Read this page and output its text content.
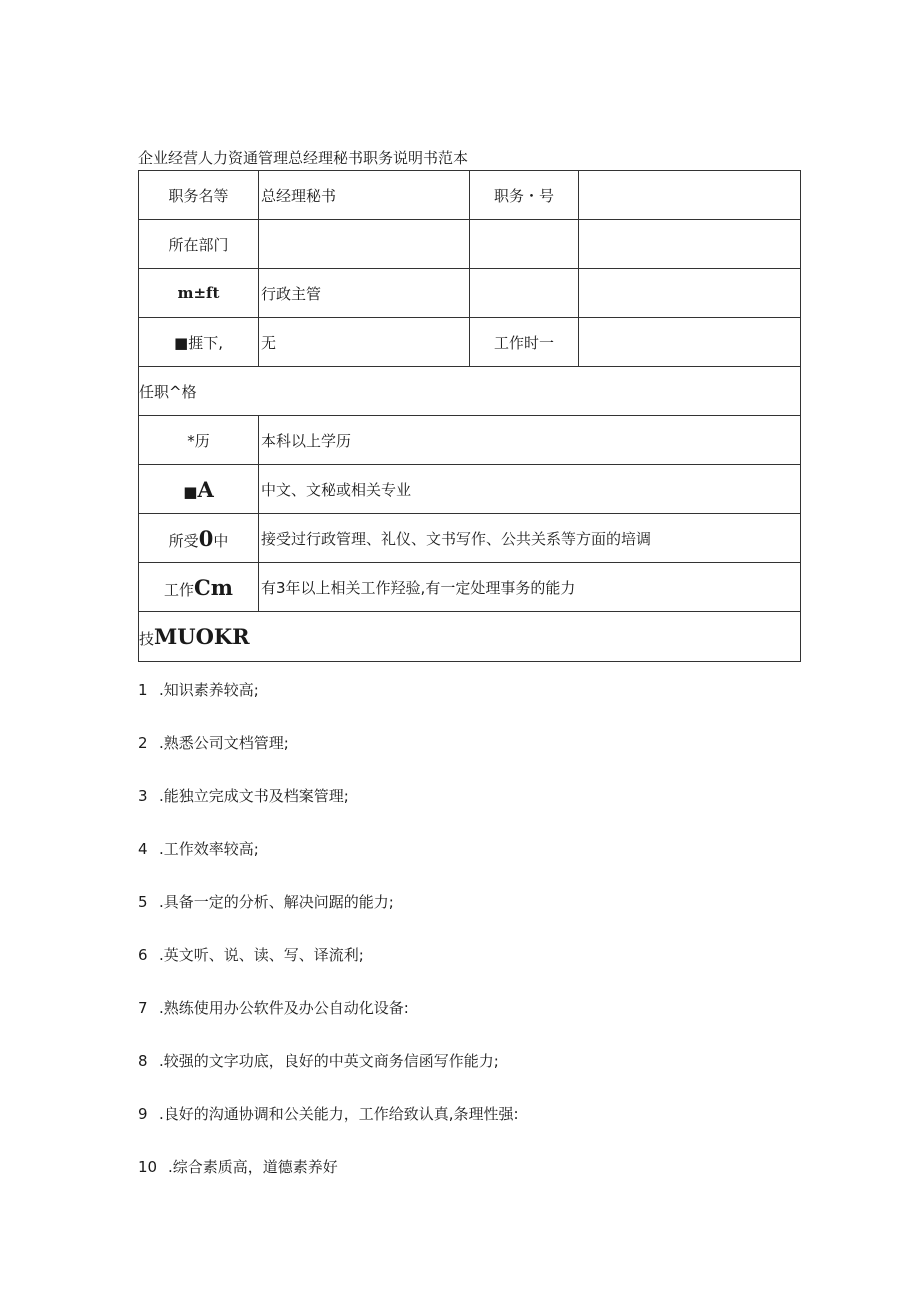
企业经营人力资通管理总经理秘书职务说明书范本
职务名等	总经理秘书	职务・号	
所在部门			
m±ft	行政主管		
■捱下,	无	工作时一	
任职^格			
*历	本科以上学历		
■A	中文、文秘或相关专业		
所受0中	接受过行政管理、礼仪、文书写作、公共关系等方面的培调		
工作Cm	有3年以上相关工作羟验,有一定处理事务的能力		
技MUOKR			
1 .知识素养较高;
2 .熟悉公司文档管理;
3 .能独立完成文书及档案管理;
4 .工作效率较高;
5 .具备一定的分析、解决问踞的能力;
6 .英文听、说、读、写、译流利;
7 .熟练使用办公软件及办公自动化设备:
8 .较强的文字功底，良好的中英文商务信函写作能力;
9 .良好的沟通协调和公关能力，工作给致认真,条理性强:
10 .综合素质高，道德素养好
